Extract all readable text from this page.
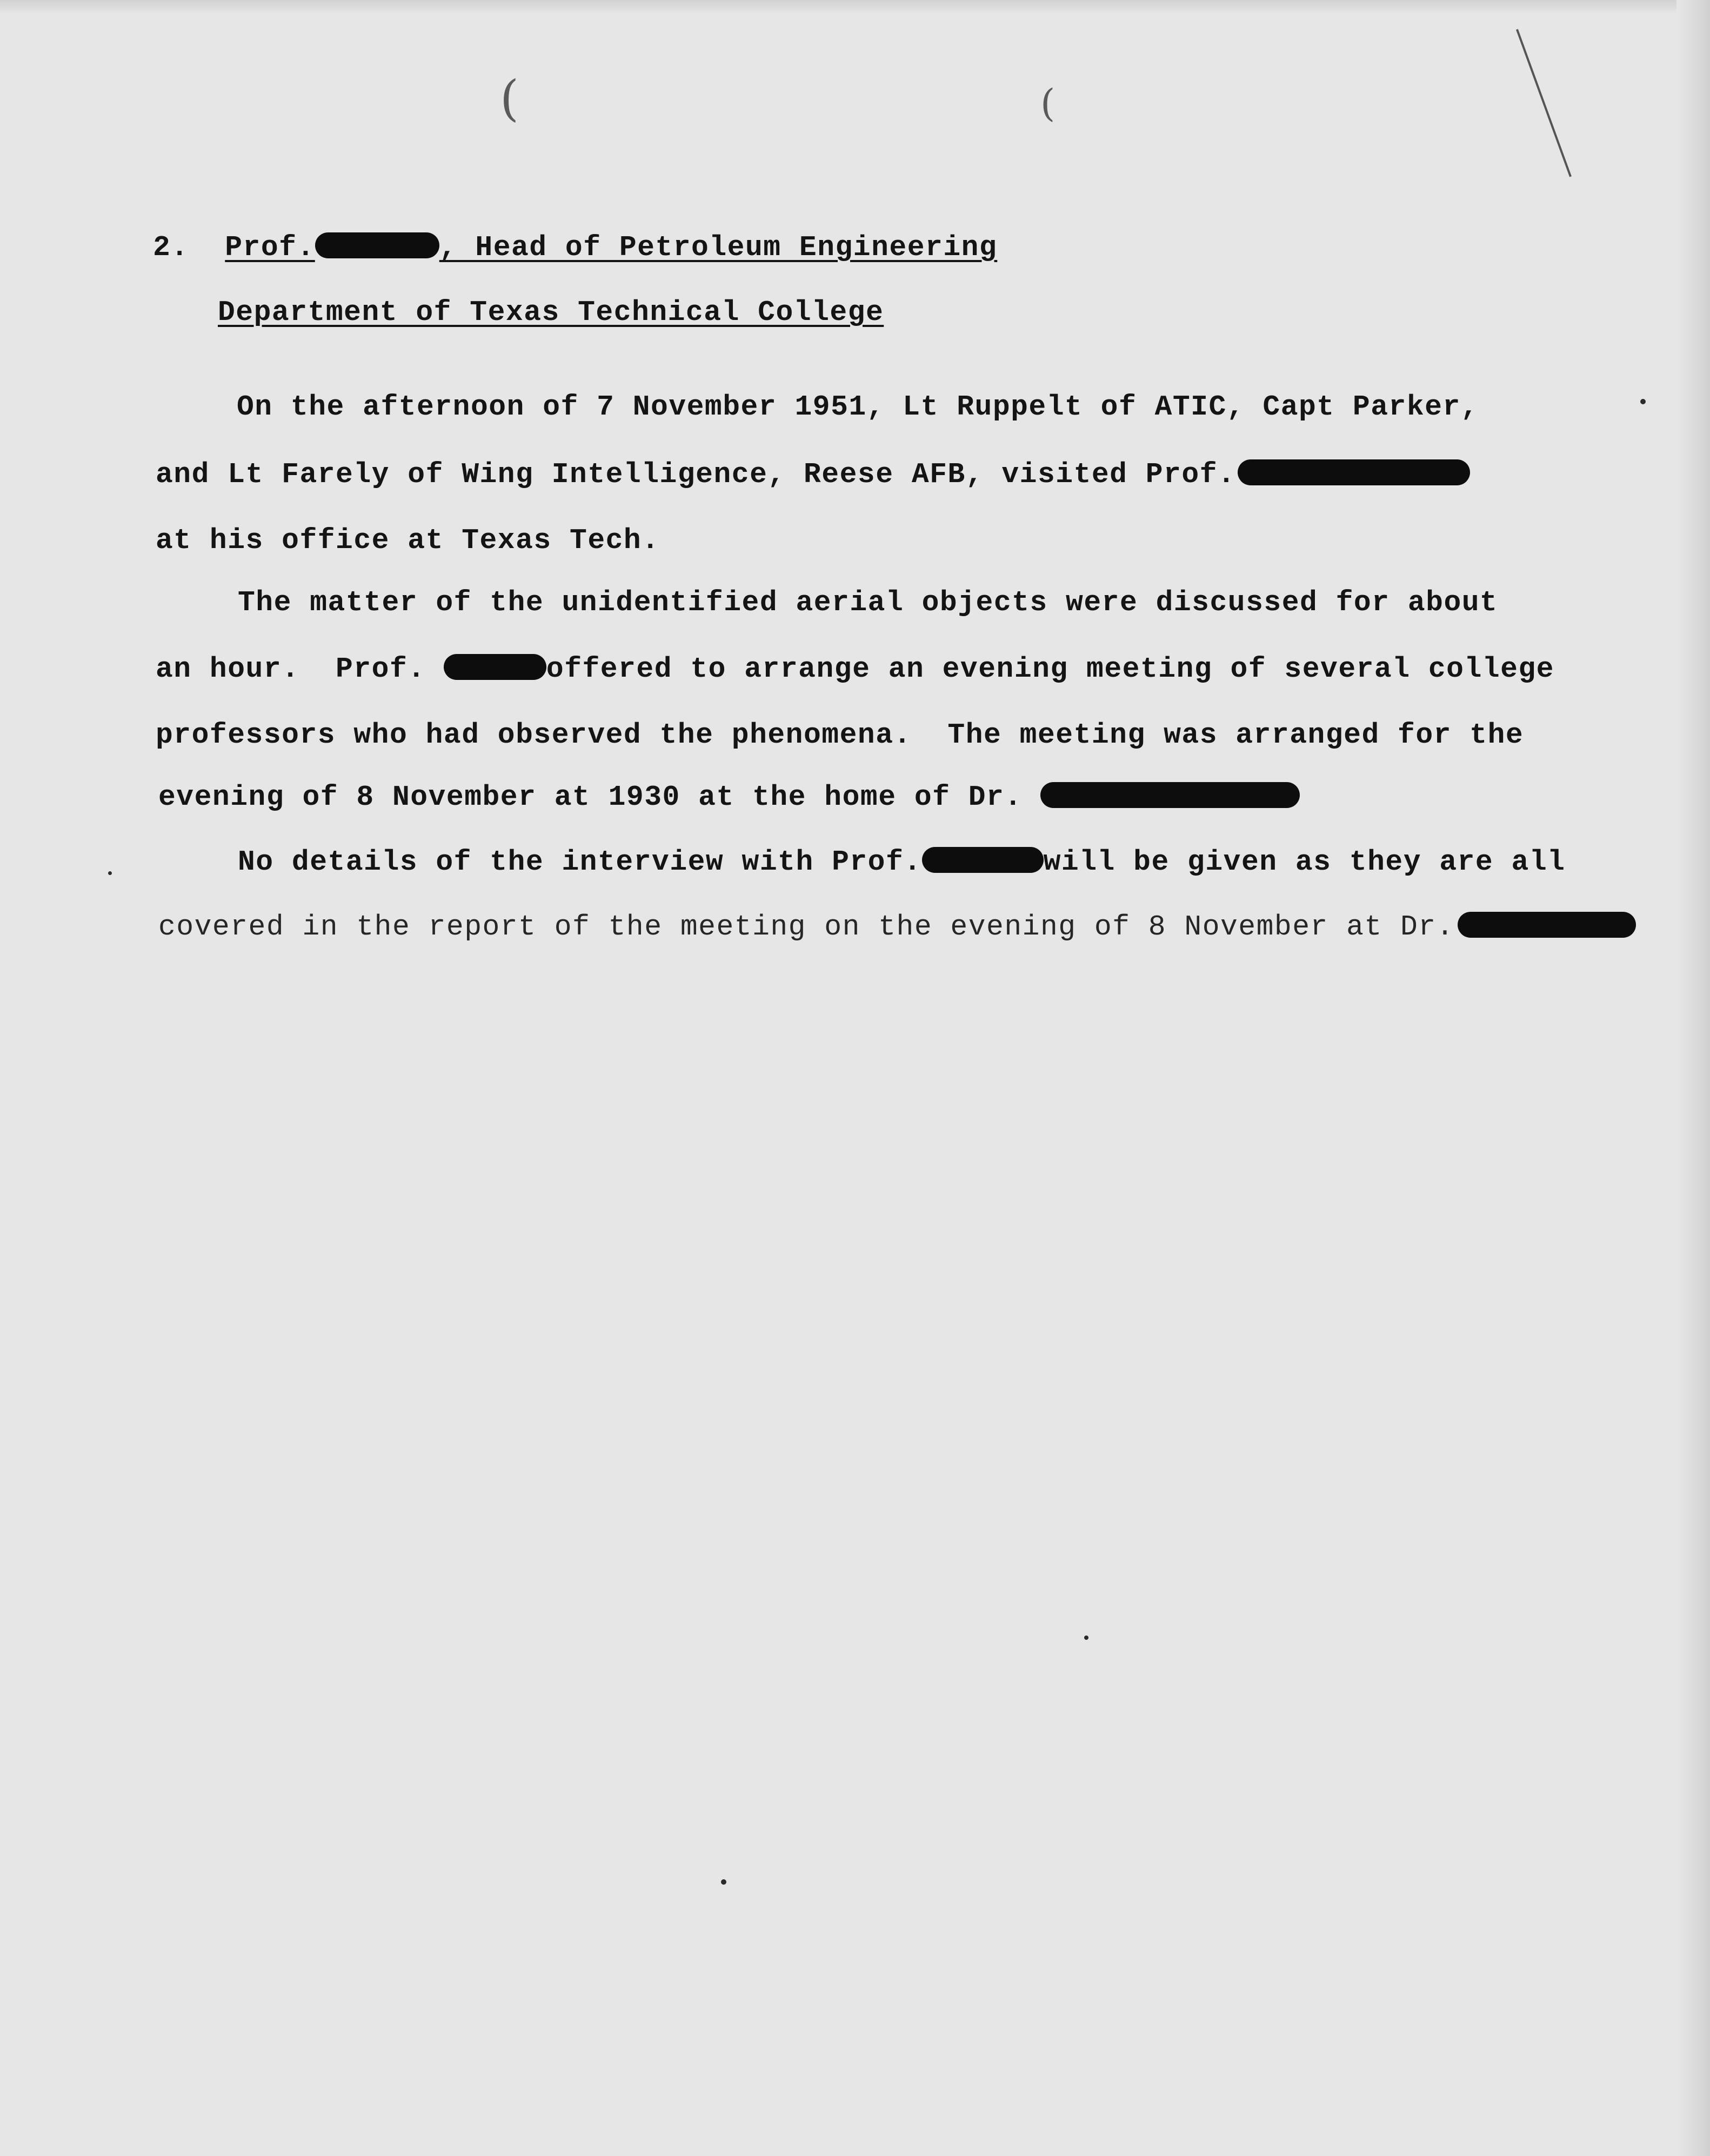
(	(
2. Prof.	, Head of Petroleum Engineering
Department of Texas Technical College
On the afternoon of 7 November 1951, Lt Ruppelt of ATIC, Capt Parker,
and Lt Farely of Wing Intelligence, Reese AFB, visited Prof.
at his office at Texas Tech.
The matter of the unidentified aerial objects were discussed for about
an hour.  Prof.	offered to arrange an evening meeting of several college
professors who had observed the phenomena.  The meeting was arranged for the
evening of 8 November at 1930 at the home of Dr.
No details of the interview with Prof.	will be given as they are all
covered in the report of the meeting on the evening of 8 November at Dr.
